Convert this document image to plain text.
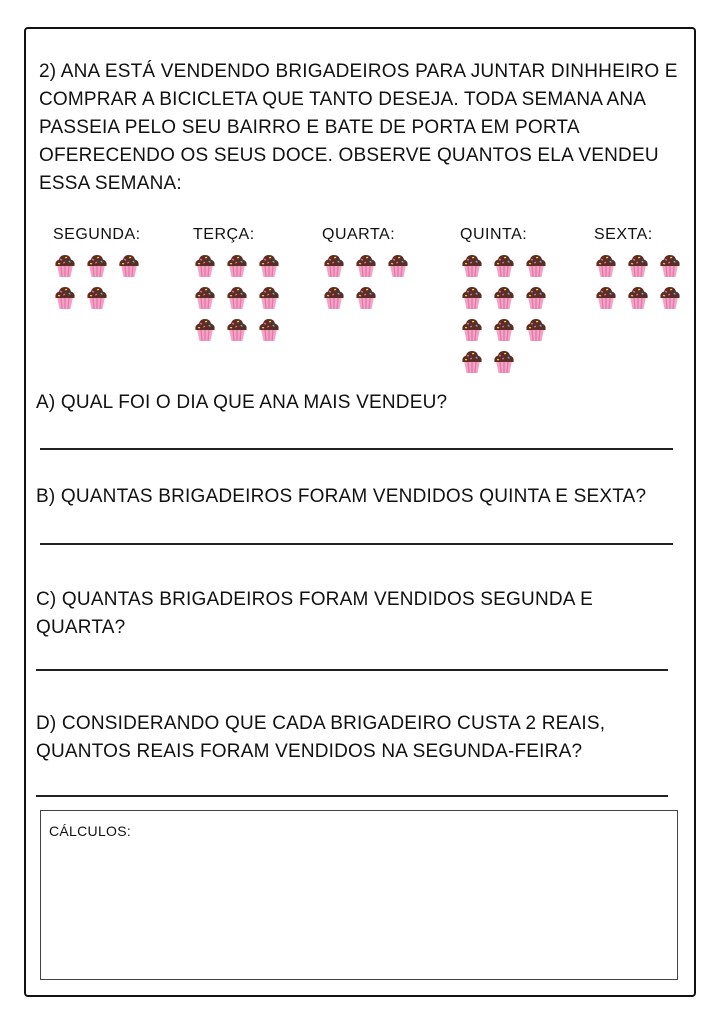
2) ANA ESTÁ VENDENDO BRIGADEIROS PARA JUNTAR DINHHEIRO E COMPRAR A BICICLETA QUE TANTO DESEJA. TODA SEMANA ANA PASSEIA PELO SEU BAIRRO E BATE DE PORTA EM PORTA OFERECENDO OS SEUS DOCE. OBSERVE QUANTOS ELA VENDEU ESSA SEMANA:

SEGUNDA:	TERÇA:	QUARTA:	QUINTA:	SEXTA:

A) QUAL FOI O DIA QUE ANA MAIS VENDEU?

B) QUANTAS BRIGADEIROS FORAM VENDIDOS QUINTA E SEXTA?

C) QUANTAS BRIGADEIROS FORAM VENDIDOS SEGUNDA E QUARTA?

D) CONSIDERANDO QUE CADA BRIGADEIRO CUSTA 2 REAIS, QUANTOS REAIS FORAM VENDIDOS NA SEGUNDA-FEIRA?

CÁLCULOS:
